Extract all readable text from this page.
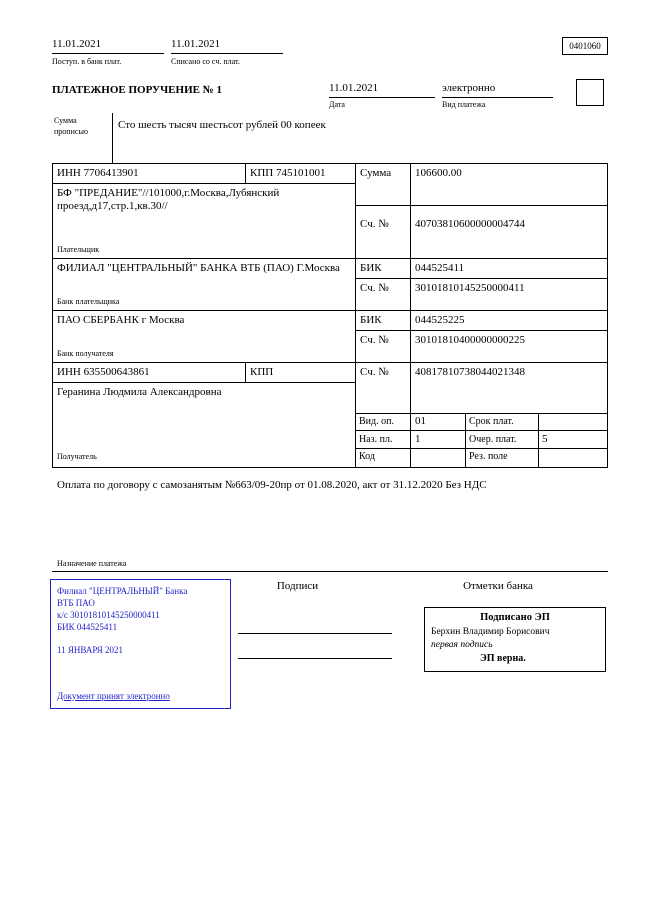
11.01.2021
Поступ. в банк плат.
11.01.2021
Списано со сч. плат.
0401060
ПЛАТЕЖНОЕ ПОРУЧЕНИЕ № 1	11.01.2021
Дата
электронно
Вид платежа
Сумма
прописью
Сто шесть тысяч шестьсот рублей 00 копеек
ИНН 7706413901	КПП 745101001	Сумма 106600.00
БФ "ПРЕДАНИЕ"//101000,г.Москва,Лубянский проезд,д17,стр.1,кв.30//
Сч. № 40703810600000004744
Плательщик
ФИЛИАЛ "ЦЕНТРАЛЬНЫЙ" БАНКА ВТБ (ПАО) Г.Москва	БИК	044525411
Сч. № 30101810145250000411
Банк плательщика
ПАО СБЕРБАНК г Москва	БИК	044525225
Сч. № 30101810400000000225
Банк получателя
ИНН 635500643861	КПП	Сч. № 40817810738044021348
Геранина Людмила Александровна
Получатель
Вид. оп. 01	Срок плат.
Наз. пл. 1	Очер. плат. 5
Код	Рез. поле
Оплата по договору с самозанятым №663/09-20пр от 01.08.2020, акт от 31.12.2020 Без НДС
Назначение платежа
Филиал "ЦЕНТРАЛЬНЫЙ" Банка
ВТБ ПАО
к/с 30101810145250000411
БИК 044525411
11 ЯНВАРЯ 2021
Документ принят электронно
Подписи	Отметки банка
Подписано ЭП
Берхин Владимир Борисович
первая подпись
ЭП верна.
